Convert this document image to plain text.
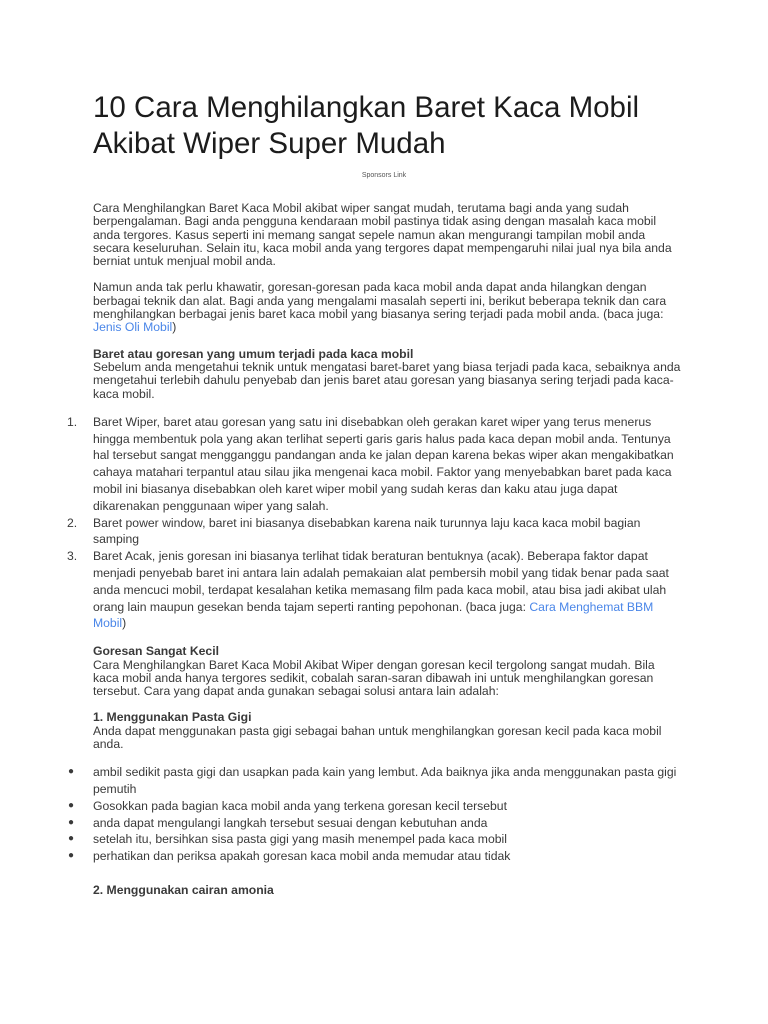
10 Cara Menghilangkan Baret Kaca Mobil Akibat Wiper Super Mudah
Sponsors Link

Cara Menghilangkan Baret Kaca Mobil akibat wiper sangat mudah, terutama bagi anda yang sudah berpengalaman. Bagi anda pengguna kendaraan mobil pastinya tidak asing dengan masalah kaca mobil anda tergores. Kasus seperti ini memang sangat sepele namun akan mengurangi tampilan mobil anda secara keseluruhan. Selain itu, kaca mobil anda yang tergores dapat mempengaruhi nilai jual nya bila anda berniat untuk menjual mobil anda.

Namun anda tak perlu khawatir, goresan-goresan pada kaca mobil anda dapat anda hilangkan dengan berbagai teknik dan alat. Bagi anda yang mengalami masalah seperti ini, berikut beberapa teknik dan cara menghilangkan berbagai jenis baret kaca mobil yang biasanya sering terjadi pada mobil anda. (baca juga: Jenis Oli Mobil)

Baret atau goresan yang umum terjadi pada kaca mobil
Sebelum anda mengetahui teknik untuk mengatasi baret-baret yang biasa terjadi pada kaca, sebaiknya anda mengetahui terlebih dahulu penyebab dan jenis baret atau goresan yang biasanya sering terjadi pada kaca-kaca mobil.

1. Baret Wiper, baret atau goresan yang satu ini disebabkan oleh gerakan karet wiper yang terus menerus hingga membentuk pola yang akan terlihat seperti garis garis halus pada kaca depan mobil anda. Tentunya hal tersebut sangat mengganggu pandangan anda ke jalan depan karena bekas wiper akan mengakibatkan cahaya matahari terpantul atau silau jika mengenai kaca mobil. Faktor yang menyebabkan baret pada kaca mobil ini biasanya disebabkan oleh karet wiper mobil yang sudah keras dan kaku atau juga dapat dikarenakan penggunaan wiper yang salah.
2. Baret power window, baret ini biasanya disebabkan karena naik turunnya laju kaca kaca mobil bagian samping
3. Baret Acak, jenis goresan ini biasanya terlihat tidak beraturan bentuknya (acak). Beberapa faktor dapat menjadi penyebab baret ini antara lain adalah pemakaian alat pembersih mobil yang tidak benar pada saat anda mencuci mobil, terdapat kesalahan ketika memasang film pada kaca mobil, atau bisa jadi akibat ulah orang lain maupun gesekan benda tajam seperti ranting pepohonan. (baca juga: Cara Menghemat BBM Mobil)

Goresan Sangat Kecil
Cara Menghilangkan Baret Kaca Mobil Akibat Wiper dengan goresan kecil tergolong sangat mudah. Bila kaca mobil anda hanya tergores sedikit, cobalah saran-saran dibawah ini untuk menghilangkan goresan tersebut. Cara yang dapat anda gunakan sebagai solusi antara lain adalah:

1. Menggunakan Pasta Gigi
Anda dapat menggunakan pasta gigi sebagai bahan untuk menghilangkan goresan kecil pada kaca mobil anda.

● ambil sedikit pasta gigi dan usapkan pada kain yang lembut. Ada baiknya jika anda menggunakan pasta gigi pemutih
● Gosokkan pada bagian kaca mobil anda yang terkena goresan kecil tersebut
● anda dapat mengulangi langkah tersebut sesuai dengan kebutuhan anda
● setelah itu, bersihkan sisa pasta gigi yang masih menempel pada kaca mobil
● perhatikan dan periksa apakah goresan kaca mobil anda memudar atau tidak

2. Menggunakan cairan amonia
